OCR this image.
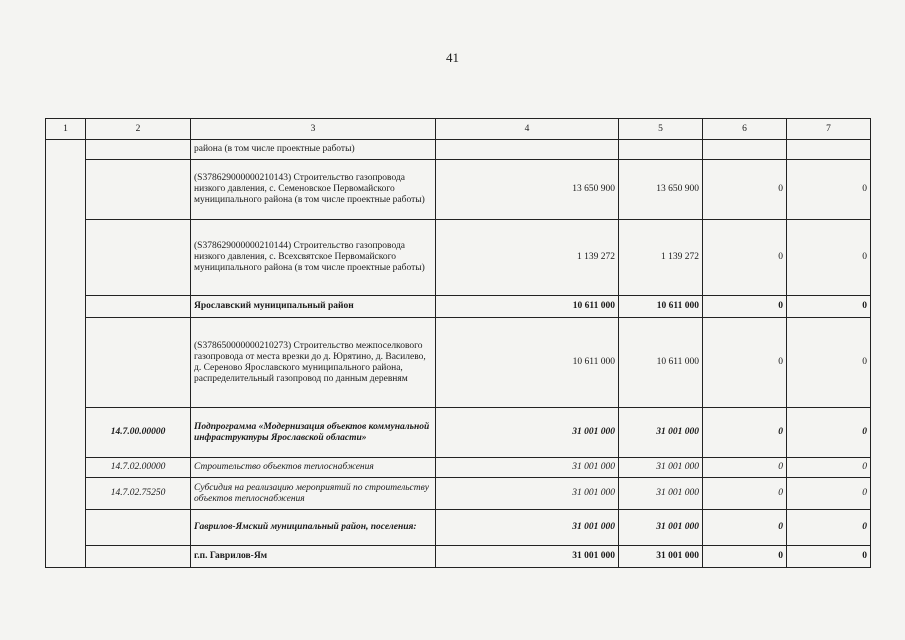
41
1	2	3	4	5	6	7
		района (в том числе проектные работы)				
		(S378629000000210143) Строительство газопровода низкого давления, с. Семеновское Первомайского муниципального района (в том числе проектные работы)	13 650 900	13 650 900	0	0
		(S378629000000210144) Строительство газопровода низкого давления, с. Всехсвятское Первомайского муниципального района (в том числе проектные работы)	1 139 272	1 139 272	0	0
		Ярославский муниципальный район	10 611 000	10 611 000	0	0
		(S378650000000210273) Строительство межпоселкового газопровода от места врезки до д. Юрятино, д. Василево, д. Сереново Ярославского муниципального района, распределительный газопровод по данным деревням	10 611 000	10 611 000	0	0
	14.7.00.00000	Подпрограмма «Модернизация объектов коммунальной инфраструктуры Ярославской области»	31 001 000	31 001 000	0	0
	14.7.02.00000	Строительство объектов теплоснабжения	31 001 000	31 001 000	0	0
	14.7.02.75250	Субсидия на реализацию мероприятий по строительству объектов теплоснабжения	31 001 000	31 001 000	0	0
		Гаврилов-Ямский муниципальный район, поселения:	31 001 000	31 001 000	0	0
		г.п. Гаврилов-Ям	31 001 000	31 001 000	0	0
